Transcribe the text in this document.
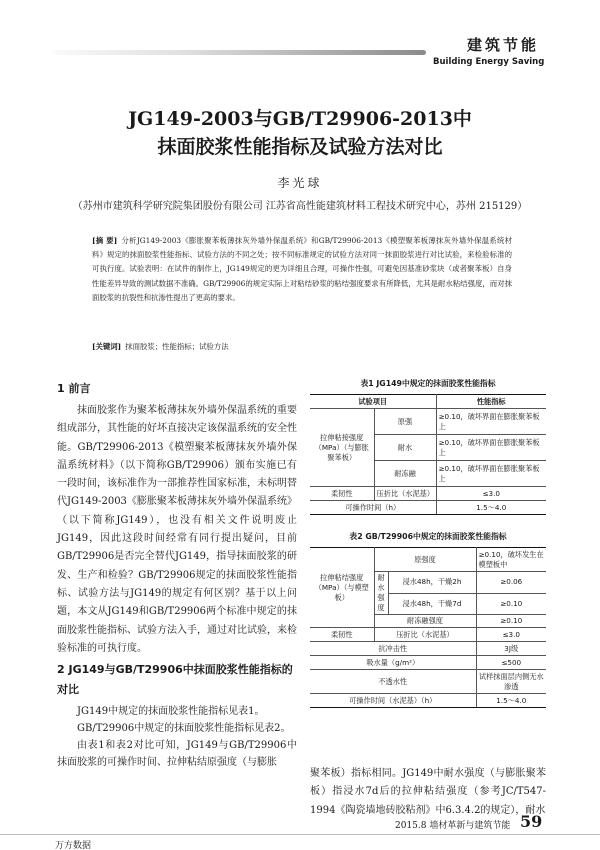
建筑节能
Building Energy Saving
JG149-2003与GB/T29906-2013中
抹面胶浆性能指标及试验方法对比
李光球
（苏州市建筑科学研究院集团股份有限公司 江苏省高性能建筑材料工程技术研究中心，苏州 215129）
[摘 要] 分析JG149-2003《膨胀聚苯板薄抹灰外墙外保温系统》和GB/T29906-2013《模塑聚苯板薄抹灰外墙外保温系统材料》规定的抹面胶浆性能指标、试验方法的不同之处；按不同标准规定的试验方法对同一抹面胶浆进行对比试验，来检验标准的可执行度。试验表明：在试件的制作上，JG149规定的更为详细且合理，可操作性强，可避免因基准砂浆块（或者聚苯板）自身性能差异导致的测试数据不准确。GB/T29906的规定实际上对粘结砂浆的粘结强度要求有所降低，尤其是耐水粘结强度，而对抹面胶浆的抗裂性和抗渗性提出了更高的要求。
[关键词] 抹面胶浆；性能指标；试验方法
1 前言
抹面胶浆作为聚苯板薄抹灰外墙外保温系统的重要组成部分，其性能的好坏直接决定该保温系统的安全性能。GB/T29906-2013《模塑聚苯板薄抹灰外墙外保温系统材料》（以下简称GB/T29906）颁布实施已有一段时间，该标准作为一部推荐性国家标准，未标明替代JG149-2003《膨胀聚苯板薄抹灰外墙外保温系统》（以下简称JG149），也没有相关文件说明废止JG149，因此这段时间经常有同行提出疑问，目前GB/T29906是否完全替代JG149，指导抹面胶浆的研发、生产和检验？GB/T29906规定的抹面胶浆性能指标、试验方法与JG149的规定有何区别？基于以上问题，本文从JG149和GB/T29906两个标准中规定的抹面胶浆性能指标、试验方法入手，通过对比试验，来检验标准的可执行度。
2 JG149与GB/T29906中抹面胶浆性能指标的对比
JG149中规定的抹面胶浆性能指标见表1。
GB/T29906中规定的抹面胶浆性能指标见表2。
由表1和表2对比可知，JG149与GB/T29906中抹面胶浆的可操作时间、拉伸粘结原强度（与膨胀
聚苯板）指标相同。JG149中耐水强度（与膨胀聚苯板）指浸水7d后的拉伸粘结强度（参考JC/T547-1994《陶瓷墙地砖胶粘剂》中6.3.4.2的规定），耐水
表1 JG149中规定的抹面胶浆性能指标
试验项目		性能指标
拉伸粘接强度（MPa）（与膨胀聚苯板）	原强	≥0.10，破坏界面在膨胀聚苯板上
	耐水	≥0.10，破坏界面在膨胀聚苯板上
	耐冻融	≥0.10，破坏界面在膨胀聚苯板上
柔韧性	压折比（水泥基）	≤3.0
可操作时间（h）		1.5～4.0
表2 GB/T29906中规定的抹面胶浆性能指标
拉伸粘结强度（MPa）（与模塑板）	原强度		≥0.10，破坏发生在模塑板中
	耐水强度	浸水48h，干燥2h	≥0.06
		浸水48h，干燥7d	≥0.10
	耐冻融强度		≥0.10
柔韧性	压折比（水泥基）		≤3.0
抗冲击性			3J级
吸水量（g/m²）			≤500
不透水性			试样抹面层内侧无水渗透
可操作时间（水泥基）（h）			1.5～4.0
2015.8 墙材革新与建筑节能 59
万方数据
